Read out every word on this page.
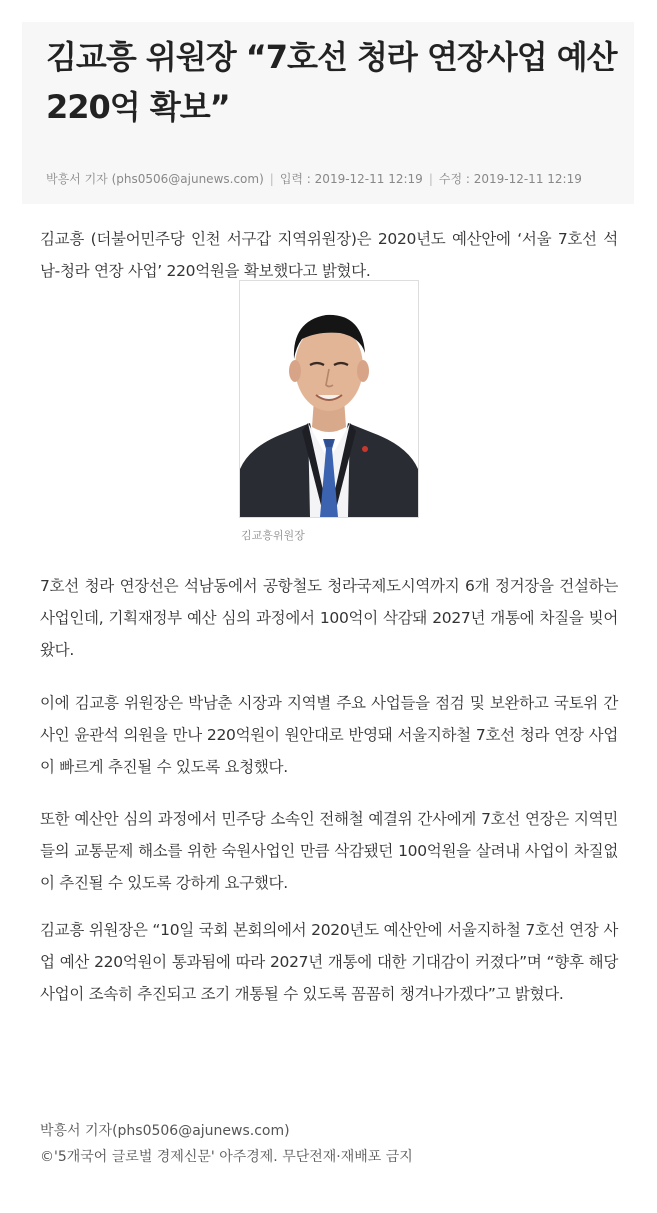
김교흥 위원장 “7호선 청라 연장사업 예산 220억 확보”
박흥서 기자 (phs0506@ajunews.com) | 입력 : 2019-12-11 12:19 | 수정 : 2019-12-11 12:19

김교흥 (더불어민주당 인천 서구갑 지역위원장)은 2020년도 예산안에 ‘서울 7호선 석남-청라 연장 사업’ 220억원을 확보했다고 밝혔다.

김교흥위원장

7호선 청라 연장선은 석남동에서 공항철도 청라국제도시역까지 6개 정거장을 건설하는 사업인데, 기획재정부 예산 심의 과정에서 100억이 삭감돼 2027년 개통에 차질을 빚어왔다.

이에 김교흥 위원장은 박남춘 시장과 지역별 주요 사업들을 점검 및 보완하고 국토위 간사인 윤관석 의원을 만나 220억원이 원안대로 반영돼 서울지하철 7호선 청라 연장 사업이 빠르게 추진될 수 있도록 요청했다.

또한 예산안 심의 과정에서 민주당 소속인 전해철 예결위 간사에게 7호선 연장은 지역민들의 교통문제 해소를 위한 숙원사업인 만큼 삭감됐던 100억원을 살려내 사업이 차질없이 추진될 수 있도록 강하게 요구했다.

김교흥 위원장은 “10일 국회 본회의에서 2020년도 예산안에 서울지하철 7호선 연장 사업 예산 220억원이 통과됨에 따라 2027년 개통에 대한 기대감이 커졌다”며 “향후 해당 사업이 조속히 추진되고 조기 개통될 수 있도록 꼼꼼히 챙겨나가겠다”고 밝혔다.

박흥서 기자(phs0506@ajunews.com)
©'5개국어 글로벌 경제신문' 아주경제. 무단전재·재배포 금지
